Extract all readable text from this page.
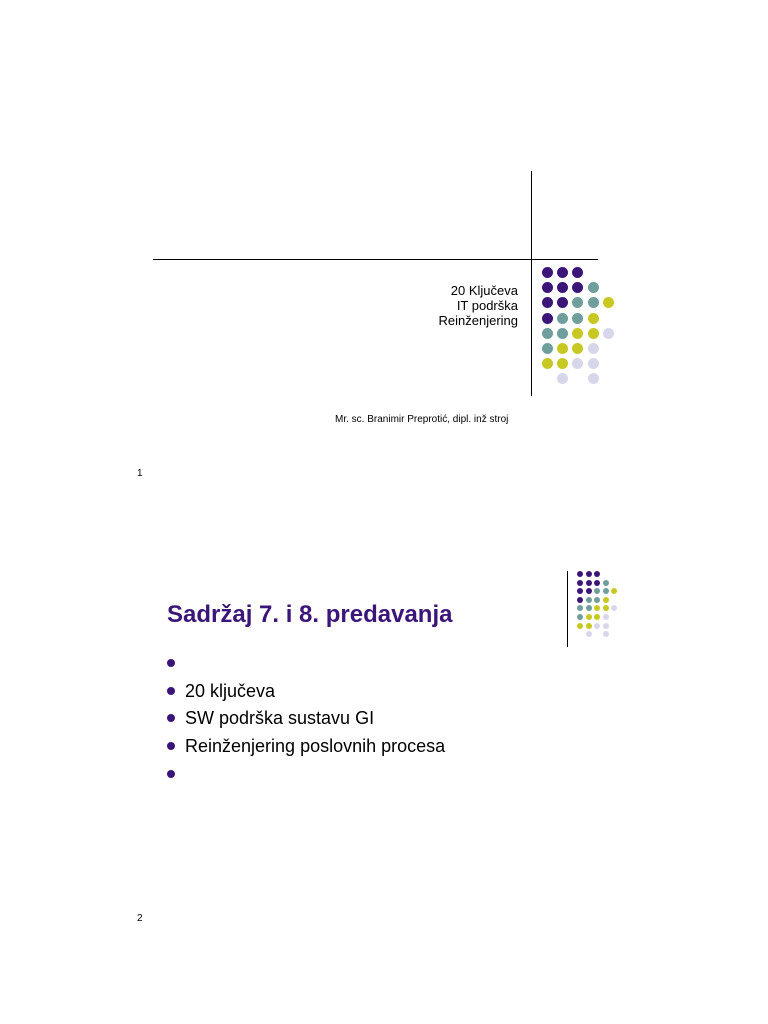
20 Ključeva
IT podrška
Reinženjering
Mr. sc. Branimir Preprotić, dipl. inž stroj
1
Sadržaj 7. i 8. predavanja
20 ključeva
SW podrška sustavu GI
Reinženjering poslovnih procesa
2
